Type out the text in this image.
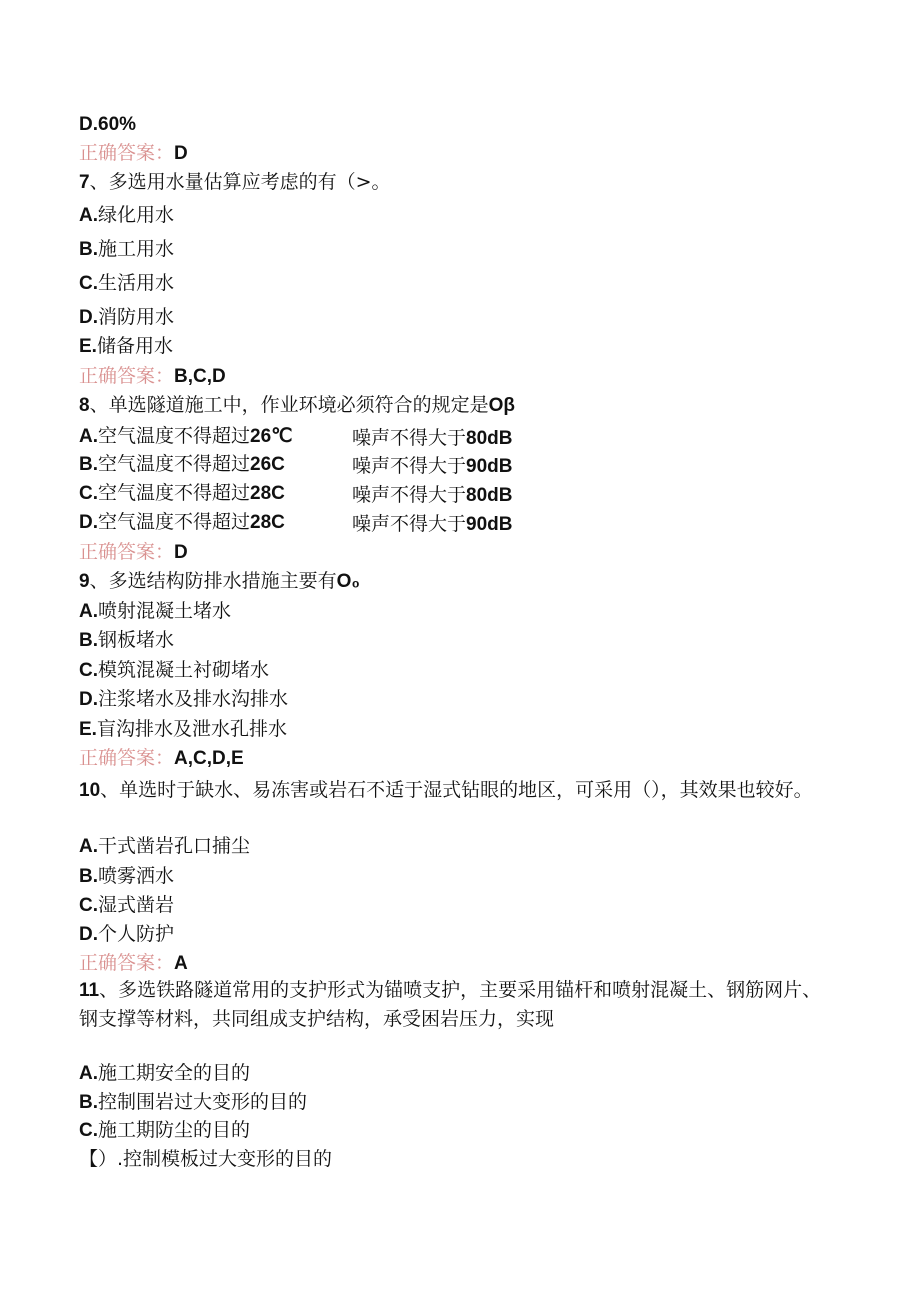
D.60%
正确答案：D
7、多选用水量估算应考虑的有（>。
A.绿化用水
B.施工用水
C.生活用水
D.消防用水
E.储备用水
正确答案：B,C,D
8、单选隧道施工中，作业环境必须符合的规定是Oβ
A.空气温度不得超过26℃	噪声不得大于80dB
B.空气温度不得超过26C	噪声不得大于90dB
C.空气温度不得超过28C	噪声不得大于80dB
D.空气温度不得超过28C	噪声不得大于90dB
正确答案：D
9、多选结构防排水措施主要有O₀
A.喷射混凝土堵水
B.钢板堵水
C.模筑混凝土衬砌堵水
D.注浆堵水及排水沟排水
E.盲沟排水及泄水孔排水
正确答案：A,C,D,E
10、单选时于缺水、易冻害或岩石不适于湿式钻眼的地区，可采用（），其效果也较好。
A.干式凿岩孔口捕尘
B.喷雾洒水
C.湿式凿岩
D.个人防护
正确答案：A
11、多选铁路隧道常用的支护形式为锚喷支护，主要采用锚杆和喷射混凝土、钢筋网片、钢支撑等材料，共同组成支护结构，承受困岩压力，实现
A.施工期安全的目的
B.控制围岩过大变形的目的
C.施工期防尘的目的
【）.控制模板过大变形的目的
